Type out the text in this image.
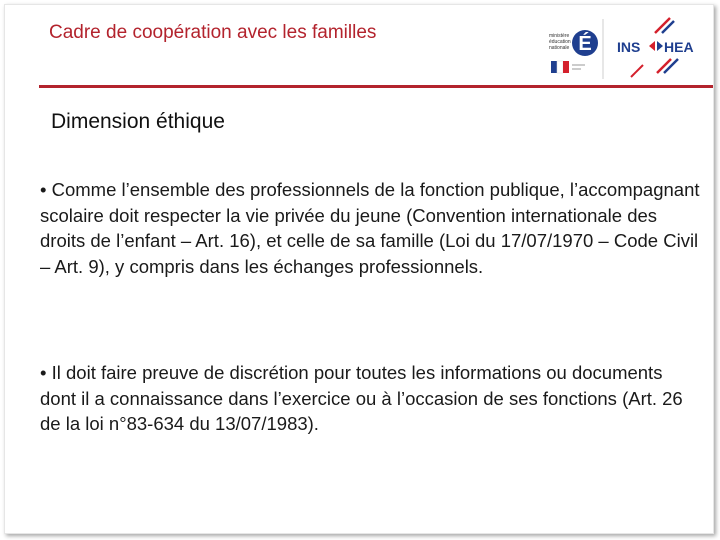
Cadre de coopération avec les familles	ministère
éducation
nationale É INS HEA
Dimension éthique

• Comme l’ensemble des professionnels de la fonction publique, l’accompagnant scolaire doit respecter la vie privée du jeune (Convention internationale des droits de l’enfant – Art. 16), et celle de sa famille (Loi du 17/07/1970 – Code Civil – Art. 9), y compris dans les échanges professionnels.

• Il doit faire preuve de discrétion pour toutes les informations ou documents dont il a connaissance dans l’exercice ou à l’occasion de ses fonctions (Art. 26 de la loi n°83-634 du 13/07/1983).
